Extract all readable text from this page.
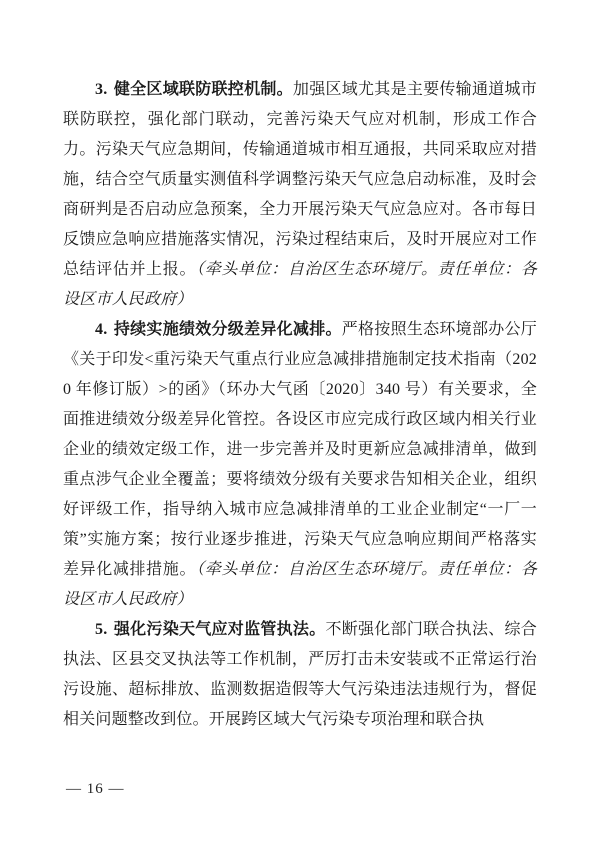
3. 健全区域联防联控机制。加强区域尤其是主要传输通道城市联防联控，强化部门联动，完善污染天气应对机制，形成工作合力。污染天气应急期间，传输通道城市相互通报，共同采取应对措施，结合空气质量实测值科学调整污染天气应急启动标准，及时会商研判是否启动应急预案，全力开展污染天气应急应对。各市每日反馈应急响应措施落实情况，污染过程结束后，及时开展应对工作总结评估并上报。（牵头单位：自治区生态环境厅。责任单位：各设区市人民政府）

4. 持续实施绩效分级差异化减排。严格按照生态环境部办公厅《关于印发<重污染天气重点行业应急减排措施制定技术指南（2020 年修订版）>的函》（环办大气函〔2020〕340 号）有关要求，全面推进绩效分级差异化管控。各设区市应完成行政区域内相关行业企业的绩效定级工作，进一步完善并及时更新应急减排清单，做到重点涉气企业全覆盖；要将绩效分级有关要求告知相关企业，组织好评级工作，指导纳入城市应急减排清单的工业企业制定“一厂一策”实施方案；按行业逐步推进，污染天气应急响应期间严格落实差异化减排措施。（牵头单位：自治区生态环境厅。责任单位：各设区市人民政府）

5. 强化污染天气应对监管执法。不断强化部门联合执法、综合执法、区县交叉执法等工作机制，严厉打击未安装或不正常运行治污设施、超标排放、监测数据造假等大气污染违法违规行为，督促相关问题整改到位。开展跨区域大气污染专项治理和联合执

— 16 —
